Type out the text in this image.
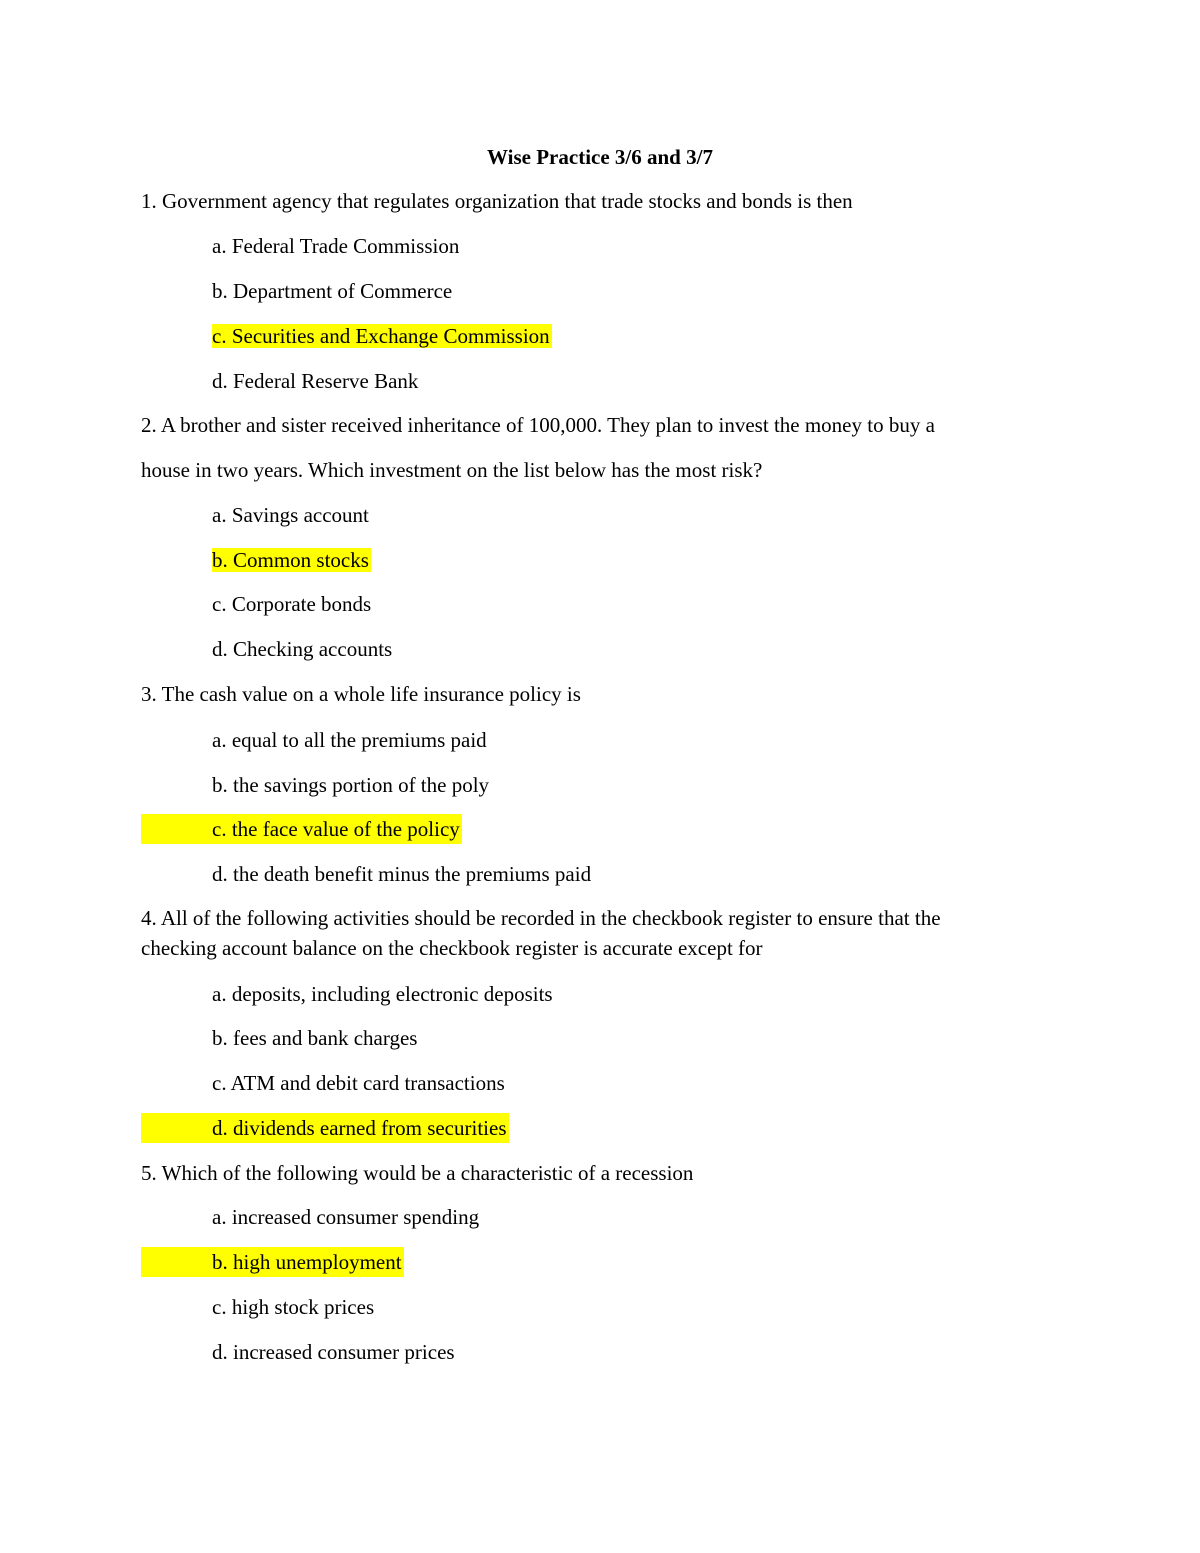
Wise Practice 3/6 and 3/7
1. Government agency that regulates organization that trade stocks and bonds is then
a. Federal Trade Commission
b. Department of Commerce
c. Securities and Exchange Commission
d. Federal Reserve Bank
2. A brother and sister received inheritance of 100,000. They plan to invest the money to buy a
house in two years. Which investment on the list below has the most risk?
a. Savings account
b. Common stocks
c. Corporate bonds
d. Checking accounts
3. The cash value on a whole life insurance policy is
a. equal to all the premiums paid
b. the savings portion of the poly
c. the face value of the policy
d. the death benefit minus the premiums paid
4. All of the following activities should be recorded in the checkbook register to ensure that the
checking account balance on the checkbook register is accurate except for
a. deposits, including electronic deposits
b. fees and bank charges
c. ATM and debit card transactions
d. dividends earned from securities
5. Which of the following would be a characteristic of a recession
a. increased consumer spending
b. high unemployment
c. high stock prices
d. increased consumer prices
